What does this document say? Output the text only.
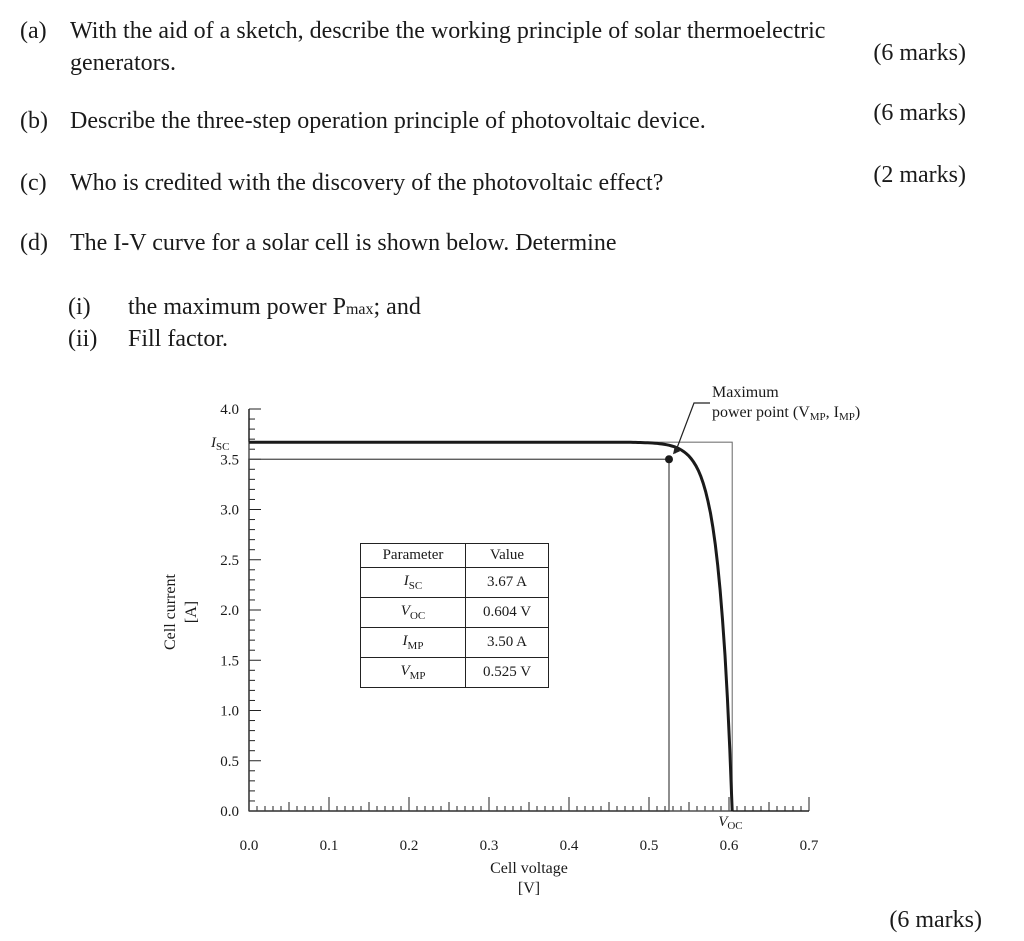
(a) With the aid of a sketch, describe the working principle of solar thermoelectric
generators.	(6 marks)
(b) Describe the three-step operation principle of photovoltaic device.	(6 marks)
(c) Who is credited with the discovery of the photovoltaic effect?	(2 marks)
(d) The I-V curve for a solar cell is shown below. Determine
(i) the maximum power Pmax; and
(ii) Fill factor.
0.0
0.5
1.0
1.5
2.0
2.5
3.0
3.5
4.0
0.0	0.1	0.2	0.3	0.4	0.5	0.6	0.7
$I_{SC}$
$V_{OC}$
Cell voltage
[V]
Cell current [A]
Maximum
power point (VMP, IMP)
Parameter	Value
$I_{SC}$	3.67 A
$V_{OC}$	0.604 V
$I_{MP}$	3.50 A
$V_{MP}$	0.525 V
(6 marks)
